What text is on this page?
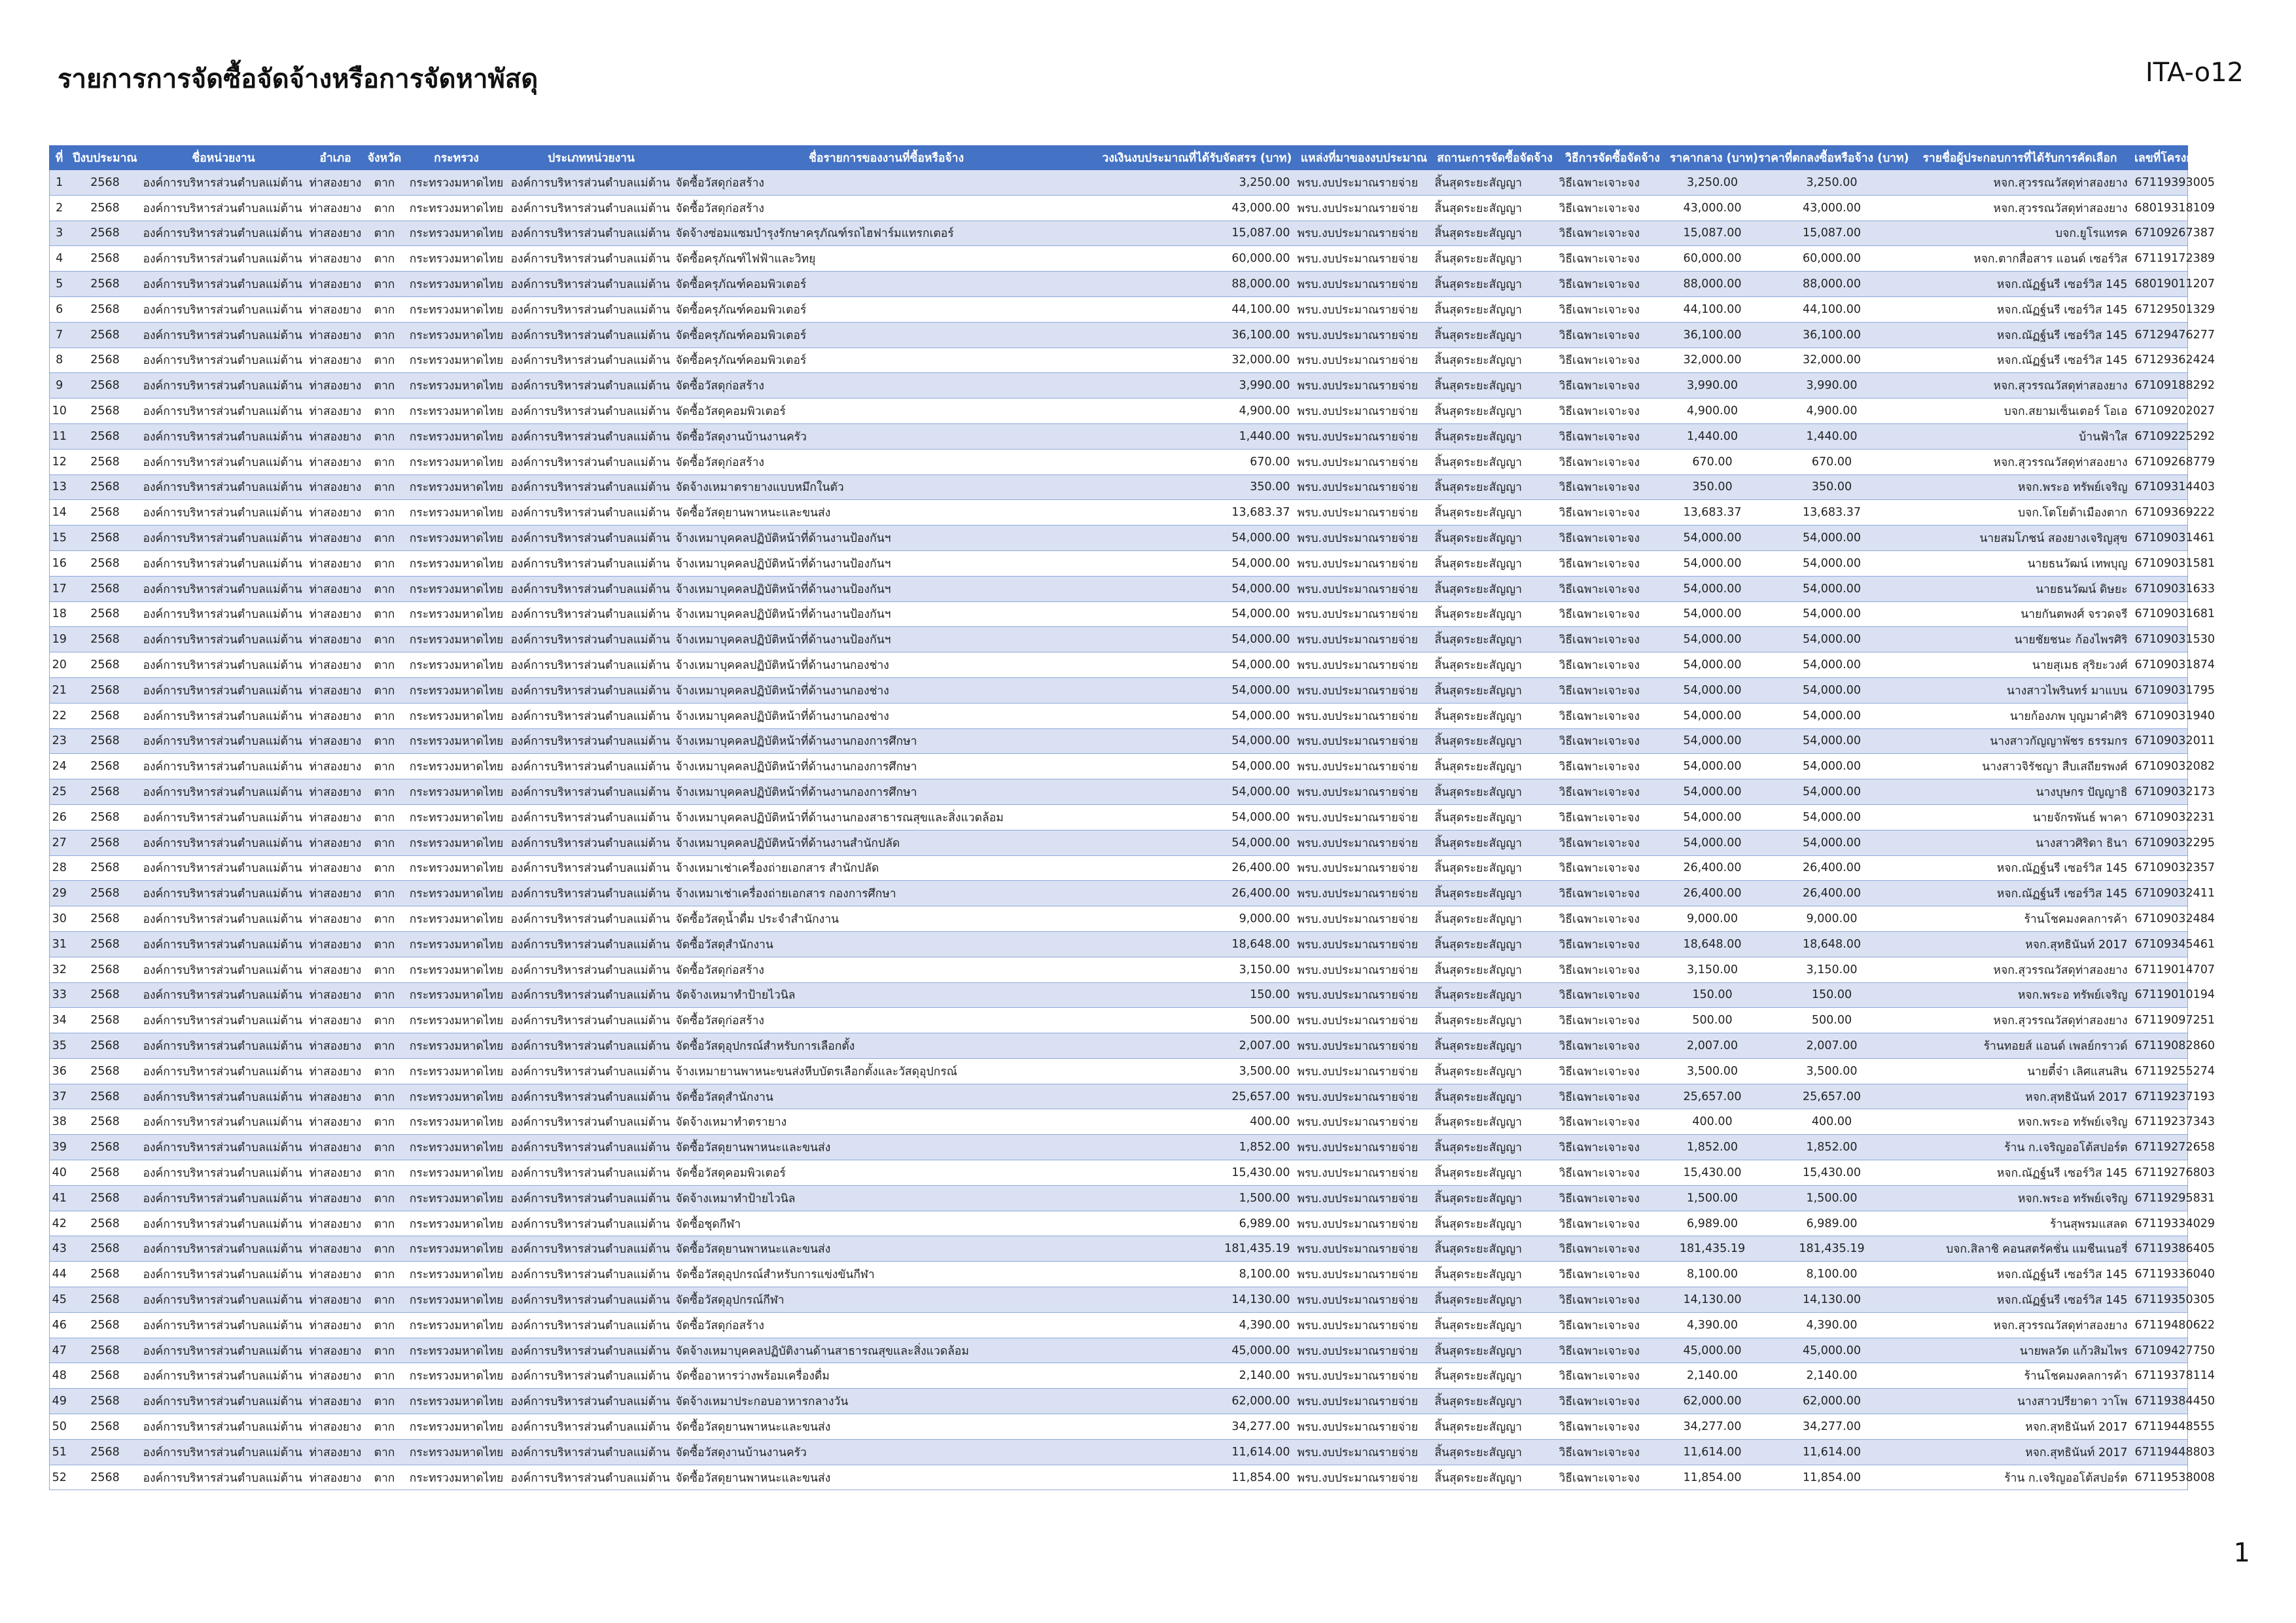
รายการการจัดซื้อจัดจ้างหรือการจัดหาพัสดุ	ITA-o12
ที่	ปีงบประมาณ	ชื่อหน่วยงาน	อำเภอ	จังหวัด	กระทรวง	ประเภทหน่วยงาน	ชื่อรายการของงานที่ซื้อหรือจ้าง	วงเงินงบประมาณที่ได้รับจัดสรร (บาท)	แหล่งที่มาของงบประมาณ	สถานะการจัดซื้อจัดจ้าง	วิธีการจัดซื้อจัดจ้าง	ราคากลาง (บาท)	ราคาที่ตกลงซื้อหรือจ้าง (บาท)	รายชื่อผู้ประกอบการที่ได้รับการคัดเลือก	เลขที่โครงการในระบบ e-GP
1	2568	องค์การบริหารส่วนตำบลแม่ต้าน	ท่าสองยาง	ตาก	กระทรวงมหาดไทย	องค์การบริหารส่วนตำบลแม่ต้าน	จัดซื้อวัสดุก่อสร้าง	3,250.00	พรบ.งบประมาณรายจ่าย	สิ้นสุดระยะสัญญา	วิธีเฉพาะเจาะจง	3,250.00	3,250.00	หจก.สุวรรณวัสดุท่าสองยาง	67119393005
2	2568	องค์การบริหารส่วนตำบลแม่ต้าน	ท่าสองยาง	ตาก	กระทรวงมหาดไทย	องค์การบริหารส่วนตำบลแม่ต้าน	จัดซื้อวัสดุก่อสร้าง	43,000.00	พรบ.งบประมาณรายจ่าย	สิ้นสุดระยะสัญญา	วิธีเฉพาะเจาะจง	43,000.00	43,000.00	หจก.สุวรรณวัสดุท่าสองยาง	68019318109
3	2568	องค์การบริหารส่วนตำบลแม่ต้าน	ท่าสองยาง	ตาก	กระทรวงมหาดไทย	องค์การบริหารส่วนตำบลแม่ต้าน	จัดจ้างซ่อมแซมบำรุงรักษาครุภัณฑ์รถไฮฟาร์มแทรกเตอร์	15,087.00	พรบ.งบประมาณรายจ่าย	สิ้นสุดระยะสัญญา	วิธีเฉพาะเจาะจง	15,087.00	15,087.00	บจก.ยูโรแทรค	67109267387
4	2568	องค์การบริหารส่วนตำบลแม่ต้าน	ท่าสองยาง	ตาก	กระทรวงมหาดไทย	องค์การบริหารส่วนตำบลแม่ต้าน	จัดซื้อครุภัณฑ์ไฟฟ้าและวิทยุ	60,000.00	พรบ.งบประมาณรายจ่าย	สิ้นสุดระยะสัญญา	วิธีเฉพาะเจาะจง	60,000.00	60,000.00	หจก.ตากสื่อสาร แอนด์ เซอร์วิส	67119172389
5	2568	องค์การบริหารส่วนตำบลแม่ต้าน	ท่าสองยาง	ตาก	กระทรวงมหาดไทย	องค์การบริหารส่วนตำบลแม่ต้าน	จัดซื้อครุภัณฑ์คอมพิวเตอร์	88,000.00	พรบ.งบประมาณรายจ่าย	สิ้นสุดระยะสัญญา	วิธีเฉพาะเจาะจง	88,000.00	88,000.00	หจก.ณัฏฐ์นรี เซอร์วิส 145	68019011207
6	2568	องค์การบริหารส่วนตำบลแม่ต้าน	ท่าสองยาง	ตาก	กระทรวงมหาดไทย	องค์การบริหารส่วนตำบลแม่ต้าน	จัดซื้อครุภัณฑ์คอมพิวเตอร์	44,100.00	พรบ.งบประมาณรายจ่าย	สิ้นสุดระยะสัญญา	วิธีเฉพาะเจาะจง	44,100.00	44,100.00	หจก.ณัฏฐ์นรี เซอร์วิส 145	67129501329
7	2568	องค์การบริหารส่วนตำบลแม่ต้าน	ท่าสองยาง	ตาก	กระทรวงมหาดไทย	องค์การบริหารส่วนตำบลแม่ต้าน	จัดซื้อครุภัณฑ์คอมพิวเตอร์	36,100.00	พรบ.งบประมาณรายจ่าย	สิ้นสุดระยะสัญญา	วิธีเฉพาะเจาะจง	36,100.00	36,100.00	หจก.ณัฏฐ์นรี เซอร์วิส 145	67129476277
8	2568	องค์การบริหารส่วนตำบลแม่ต้าน	ท่าสองยาง	ตาก	กระทรวงมหาดไทย	องค์การบริหารส่วนตำบลแม่ต้าน	จัดซื้อครุภัณฑ์คอมพิวเตอร์	32,000.00	พรบ.งบประมาณรายจ่าย	สิ้นสุดระยะสัญญา	วิธีเฉพาะเจาะจง	32,000.00	32,000.00	หจก.ณัฏฐ์นรี เซอร์วิส 145	67129362424
9	2568	องค์การบริหารส่วนตำบลแม่ต้าน	ท่าสองยาง	ตาก	กระทรวงมหาดไทย	องค์การบริหารส่วนตำบลแม่ต้าน	จัดซื้อวัสดุก่อสร้าง	3,990.00	พรบ.งบประมาณรายจ่าย	สิ้นสุดระยะสัญญา	วิธีเฉพาะเจาะจง	3,990.00	3,990.00	หจก.สุวรรณวัสดุท่าสองยาง	67109188292
10	2568	องค์การบริหารส่วนตำบลแม่ต้าน	ท่าสองยาง	ตาก	กระทรวงมหาดไทย	องค์การบริหารส่วนตำบลแม่ต้าน	จัดซื้อวัสดุคอมพิวเตอร์	4,900.00	พรบ.งบประมาณรายจ่าย	สิ้นสุดระยะสัญญา	วิธีเฉพาะเจาะจง	4,900.00	4,900.00	บจก.สยามเซ็นเตอร์ โอเอ	67109202027
11	2568	องค์การบริหารส่วนตำบลแม่ต้าน	ท่าสองยาง	ตาก	กระทรวงมหาดไทย	องค์การบริหารส่วนตำบลแม่ต้าน	จัดซื้อวัสดุงานบ้านงานครัว	1,440.00	พรบ.งบประมาณรายจ่าย	สิ้นสุดระยะสัญญา	วิธีเฉพาะเจาะจง	1,440.00	1,440.00	บ้านฟ้าใส	67109225292
12	2568	องค์การบริหารส่วนตำบลแม่ต้าน	ท่าสองยาง	ตาก	กระทรวงมหาดไทย	องค์การบริหารส่วนตำบลแม่ต้าน	จัดซื้อวัสดุก่อสร้าง	670.00	พรบ.งบประมาณรายจ่าย	สิ้นสุดระยะสัญญา	วิธีเฉพาะเจาะจง	670.00	670.00	หจก.สุวรรณวัสดุท่าสองยาง	67109268779
13	2568	องค์การบริหารส่วนตำบลแม่ต้าน	ท่าสองยาง	ตาก	กระทรวงมหาดไทย	องค์การบริหารส่วนตำบลแม่ต้าน	จัดจ้างเหมาตรายางแบบหมึกในตัว	350.00	พรบ.งบประมาณรายจ่าย	สิ้นสุดระยะสัญญา	วิธีเฉพาะเจาะจง	350.00	350.00	หจก.พระอ ทรัพย์เจริญ	67109314403
14	2568	องค์การบริหารส่วนตำบลแม่ต้าน	ท่าสองยาง	ตาก	กระทรวงมหาดไทย	องค์การบริหารส่วนตำบลแม่ต้าน	จัดซื้อวัสดุยานพาหนะและขนส่ง	13,683.37	พรบ.งบประมาณรายจ่าย	สิ้นสุดระยะสัญญา	วิธีเฉพาะเจาะจง	13,683.37	13,683.37	บจก.โตโยต้าเมืองตาก	67109369222
15	2568	องค์การบริหารส่วนตำบลแม่ต้าน	ท่าสองยาง	ตาก	กระทรวงมหาดไทย	องค์การบริหารส่วนตำบลแม่ต้าน	จ้างเหมาบุคคลปฏิบัติหน้าที่ด้านงานป้องกันฯ	54,000.00	พรบ.งบประมาณรายจ่าย	สิ้นสุดระยะสัญญา	วิธีเฉพาะเจาะจง	54,000.00	54,000.00	นายสมโภชน์ สองยางเจริญสุข	67109031461
16	2568	องค์การบริหารส่วนตำบลแม่ต้าน	ท่าสองยาง	ตาก	กระทรวงมหาดไทย	องค์การบริหารส่วนตำบลแม่ต้าน	จ้างเหมาบุคคลปฏิบัติหน้าที่ด้านงานป้องกันฯ	54,000.00	พรบ.งบประมาณรายจ่าย	สิ้นสุดระยะสัญญา	วิธีเฉพาะเจาะจง	54,000.00	54,000.00	นายธนวัฒน์ เทพบุญ	67109031581
17	2568	องค์การบริหารส่วนตำบลแม่ต้าน	ท่าสองยาง	ตาก	กระทรวงมหาดไทย	องค์การบริหารส่วนตำบลแม่ต้าน	จ้างเหมาบุคคลปฏิบัติหน้าที่ด้านงานป้องกันฯ	54,000.00	พรบ.งบประมาณรายจ่าย	สิ้นสุดระยะสัญญา	วิธีเฉพาะเจาะจง	54,000.00	54,000.00	นายธนวัฒน์ ดิษยะ	67109031633
18	2568	องค์การบริหารส่วนตำบลแม่ต้าน	ท่าสองยาง	ตาก	กระทรวงมหาดไทย	องค์การบริหารส่วนตำบลแม่ต้าน	จ้างเหมาบุคคลปฏิบัติหน้าที่ด้านงานป้องกันฯ	54,000.00	พรบ.งบประมาณรายจ่าย	สิ้นสุดระยะสัญญา	วิธีเฉพาะเจาะจง	54,000.00	54,000.00	นายกันตพงศ์ จรวดจรี	67109031681
19	2568	องค์การบริหารส่วนตำบลแม่ต้าน	ท่าสองยาง	ตาก	กระทรวงมหาดไทย	องค์การบริหารส่วนตำบลแม่ต้าน	จ้างเหมาบุคคลปฏิบัติหน้าที่ด้านงานป้องกันฯ	54,000.00	พรบ.งบประมาณรายจ่าย	สิ้นสุดระยะสัญญา	วิธีเฉพาะเจาะจง	54,000.00	54,000.00	นายชัยชนะ ก้องไพรศิริ	67109031530
20	2568	องค์การบริหารส่วนตำบลแม่ต้าน	ท่าสองยาง	ตาก	กระทรวงมหาดไทย	องค์การบริหารส่วนตำบลแม่ต้าน	จ้างเหมาบุคคลปฏิบัติหน้าที่ด้านงานกองช่าง	54,000.00	พรบ.งบประมาณรายจ่าย	สิ้นสุดระยะสัญญา	วิธีเฉพาะเจาะจง	54,000.00	54,000.00	นายสุเมธ สุริยะวงศ์	67109031874
21	2568	องค์การบริหารส่วนตำบลแม่ต้าน	ท่าสองยาง	ตาก	กระทรวงมหาดไทย	องค์การบริหารส่วนตำบลแม่ต้าน	จ้างเหมาบุคคลปฏิบัติหน้าที่ด้านงานกองช่าง	54,000.00	พรบ.งบประมาณรายจ่าย	สิ้นสุดระยะสัญญา	วิธีเฉพาะเจาะจง	54,000.00	54,000.00	นางสาวไพรินทร์ มาแบน	67109031795
22	2568	องค์การบริหารส่วนตำบลแม่ต้าน	ท่าสองยาง	ตาก	กระทรวงมหาดไทย	องค์การบริหารส่วนตำบลแม่ต้าน	จ้างเหมาบุคคลปฏิบัติหน้าที่ด้านงานกองช่าง	54,000.00	พรบ.งบประมาณรายจ่าย	สิ้นสุดระยะสัญญา	วิธีเฉพาะเจาะจง	54,000.00	54,000.00	นายก้องภพ บุญมาคำศิริ	67109031940
23	2568	องค์การบริหารส่วนตำบลแม่ต้าน	ท่าสองยาง	ตาก	กระทรวงมหาดไทย	องค์การบริหารส่วนตำบลแม่ต้าน	จ้างเหมาบุคคลปฏิบัติหน้าที่ด้านงานกองการศึกษา	54,000.00	พรบ.งบประมาณรายจ่าย	สิ้นสุดระยะสัญญา	วิธีเฉพาะเจาะจง	54,000.00	54,000.00	นางสาวกัญญาพัชร ธรรมกร	67109032011
24	2568	องค์การบริหารส่วนตำบลแม่ต้าน	ท่าสองยาง	ตาก	กระทรวงมหาดไทย	องค์การบริหารส่วนตำบลแม่ต้าน	จ้างเหมาบุคคลปฏิบัติหน้าที่ด้านงานกองการศึกษา	54,000.00	พรบ.งบประมาณรายจ่าย	สิ้นสุดระยะสัญญา	วิธีเฉพาะเจาะจง	54,000.00	54,000.00	นางสาวจิรัชญา สืบเสถียรพงศ์	67109032082
25	2568	องค์การบริหารส่วนตำบลแม่ต้าน	ท่าสองยาง	ตาก	กระทรวงมหาดไทย	องค์การบริหารส่วนตำบลแม่ต้าน	จ้างเหมาบุคคลปฏิบัติหน้าที่ด้านงานกองการศึกษา	54,000.00	พรบ.งบประมาณรายจ่าย	สิ้นสุดระยะสัญญา	วิธีเฉพาะเจาะจง	54,000.00	54,000.00	นางบุษกร ปัญญาธิ	67109032173
26	2568	องค์การบริหารส่วนตำบลแม่ต้าน	ท่าสองยาง	ตาก	กระทรวงมหาดไทย	องค์การบริหารส่วนตำบลแม่ต้าน	จ้างเหมาบุคคลปฏิบัติหน้าที่ด้านงานกองสาธารณสุขและสิ่งแวดล้อม	54,000.00	พรบ.งบประมาณรายจ่าย	สิ้นสุดระยะสัญญา	วิธีเฉพาะเจาะจง	54,000.00	54,000.00	นายจักรพันธ์ พาคา	67109032231
27	2568	องค์การบริหารส่วนตำบลแม่ต้าน	ท่าสองยาง	ตาก	กระทรวงมหาดไทย	องค์การบริหารส่วนตำบลแม่ต้าน	จ้างเหมาบุคคลปฏิบัติหน้าที่ด้านงานสำนักปลัด	54,000.00	พรบ.งบประมาณรายจ่าย	สิ้นสุดระยะสัญญา	วิธีเฉพาะเจาะจง	54,000.00	54,000.00	นางสาวศิริดา ธินา	67109032295
28	2568	องค์การบริหารส่วนตำบลแม่ต้าน	ท่าสองยาง	ตาก	กระทรวงมหาดไทย	องค์การบริหารส่วนตำบลแม่ต้าน	จ้างเหมาเช่าเครื่องถ่ายเอกสาร สำนักปลัด	26,400.00	พรบ.งบประมาณรายจ่าย	สิ้นสุดระยะสัญญา	วิธีเฉพาะเจาะจง	26,400.00	26,400.00	หจก.ณัฏฐ์นรี เซอร์วิส 145	67109032357
29	2568	องค์การบริหารส่วนตำบลแม่ต้าน	ท่าสองยาง	ตาก	กระทรวงมหาดไทย	องค์การบริหารส่วนตำบลแม่ต้าน	จ้างเหมาเช่าเครื่องถ่ายเอกสาร กองการศึกษา	26,400.00	พรบ.งบประมาณรายจ่าย	สิ้นสุดระยะสัญญา	วิธีเฉพาะเจาะจง	26,400.00	26,400.00	หจก.ณัฏฐ์นรี เซอร์วิส 145	67109032411
30	2568	องค์การบริหารส่วนตำบลแม่ต้าน	ท่าสองยาง	ตาก	กระทรวงมหาดไทย	องค์การบริหารส่วนตำบลแม่ต้าน	จัดซื้อวัสดุน้ำดื่ม ประจำสำนักงาน	9,000.00	พรบ.งบประมาณรายจ่าย	สิ้นสุดระยะสัญญา	วิธีเฉพาะเจาะจง	9,000.00	9,000.00	ร้านโชคมงคลการค้า	67109032484
31	2568	องค์การบริหารส่วนตำบลแม่ต้าน	ท่าสองยาง	ตาก	กระทรวงมหาดไทย	องค์การบริหารส่วนตำบลแม่ต้าน	จัดซื้อวัสดุสำนักงาน	18,648.00	พรบ.งบประมาณรายจ่าย	สิ้นสุดระยะสัญญา	วิธีเฉพาะเจาะจง	18,648.00	18,648.00	หจก.สุทธินันท์ 2017	67109345461
32	2568	องค์การบริหารส่วนตำบลแม่ต้าน	ท่าสองยาง	ตาก	กระทรวงมหาดไทย	องค์การบริหารส่วนตำบลแม่ต้าน	จัดซื้อวัสดุก่อสร้าง	3,150.00	พรบ.งบประมาณรายจ่าย	สิ้นสุดระยะสัญญา	วิธีเฉพาะเจาะจง	3,150.00	3,150.00	หจก.สุวรรณวัสดุท่าสองยาง	67119014707
33	2568	องค์การบริหารส่วนตำบลแม่ต้าน	ท่าสองยาง	ตาก	กระทรวงมหาดไทย	องค์การบริหารส่วนตำบลแม่ต้าน	จัดจ้างเหมาทำป้ายไวนิล	150.00	พรบ.งบประมาณรายจ่าย	สิ้นสุดระยะสัญญา	วิธีเฉพาะเจาะจง	150.00	150.00	หจก.พระอ ทรัพย์เจริญ	67119010194
34	2568	องค์การบริหารส่วนตำบลแม่ต้าน	ท่าสองยาง	ตาก	กระทรวงมหาดไทย	องค์การบริหารส่วนตำบลแม่ต้าน	จัดซื้อวัสดุก่อสร้าง	500.00	พรบ.งบประมาณรายจ่าย	สิ้นสุดระยะสัญญา	วิธีเฉพาะเจาะจง	500.00	500.00	หจก.สุวรรณวัสดุท่าสองยาง	67119097251
35	2568	องค์การบริหารส่วนตำบลแม่ต้าน	ท่าสองยาง	ตาก	กระทรวงมหาดไทย	องค์การบริหารส่วนตำบลแม่ต้าน	จัดซื้อวัสดุอุปกรณ์สำหรับการเลือกตั้ง	2,007.00	พรบ.งบประมาณรายจ่าย	สิ้นสุดระยะสัญญา	วิธีเฉพาะเจาะจง	2,007.00	2,007.00	ร้านทอยส์ แอนด์ เพลย์กราวด์	67119082860
36	2568	องค์การบริหารส่วนตำบลแม่ต้าน	ท่าสองยาง	ตาก	กระทรวงมหาดไทย	องค์การบริหารส่วนตำบลแม่ต้าน	จ้างเหมายานพาหนะขนส่งหีบบัตรเลือกตั้งและวัสดุอุปกรณ์	3,500.00	พรบ.งบประมาณรายจ่าย	สิ้นสุดระยะสัญญา	วิธีเฉพาะเจาะจง	3,500.00	3,500.00	นายตี๋จ๋า เลิศแสนสิน	67119255274
37	2568	องค์การบริหารส่วนตำบลแม่ต้าน	ท่าสองยาง	ตาก	กระทรวงมหาดไทย	องค์การบริหารส่วนตำบลแม่ต้าน	จัดซื้อวัสดุสำนักงาน	25,657.00	พรบ.งบประมาณรายจ่าย	สิ้นสุดระยะสัญญา	วิธีเฉพาะเจาะจง	25,657.00	25,657.00	หจก.สุทธินันท์ 2017	67119237193
38	2568	องค์การบริหารส่วนตำบลแม่ต้าน	ท่าสองยาง	ตาก	กระทรวงมหาดไทย	องค์การบริหารส่วนตำบลแม่ต้าน	จัดจ้างเหมาทำตรายาง	400.00	พรบ.งบประมาณรายจ่าย	สิ้นสุดระยะสัญญา	วิธีเฉพาะเจาะจง	400.00	400.00	หจก.พระอ ทรัพย์เจริญ	67119237343
39	2568	องค์การบริหารส่วนตำบลแม่ต้าน	ท่าสองยาง	ตาก	กระทรวงมหาดไทย	องค์การบริหารส่วนตำบลแม่ต้าน	จัดซื้อวัสดุยานพาหนะและขนส่ง	1,852.00	พรบ.งบประมาณรายจ่าย	สิ้นสุดระยะสัญญา	วิธีเฉพาะเจาะจง	1,852.00	1,852.00	ร้าน ก.เจริญออโต้สปอร์ต	67119272658
40	2568	องค์การบริหารส่วนตำบลแม่ต้าน	ท่าสองยาง	ตาก	กระทรวงมหาดไทย	องค์การบริหารส่วนตำบลแม่ต้าน	จัดซื้อวัสดุคอมพิวเตอร์	15,430.00	พรบ.งบประมาณรายจ่าย	สิ้นสุดระยะสัญญา	วิธีเฉพาะเจาะจง	15,430.00	15,430.00	หจก.ณัฏฐ์นรี เซอร์วิส 145	67119276803
41	2568	องค์การบริหารส่วนตำบลแม่ต้าน	ท่าสองยาง	ตาก	กระทรวงมหาดไทย	องค์การบริหารส่วนตำบลแม่ต้าน	จัดจ้างเหมาทำป้ายไวนิล	1,500.00	พรบ.งบประมาณรายจ่าย	สิ้นสุดระยะสัญญา	วิธีเฉพาะเจาะจง	1,500.00	1,500.00	หจก.พระอ ทรัพย์เจริญ	67119295831
42	2568	องค์การบริหารส่วนตำบลแม่ต้าน	ท่าสองยาง	ตาก	กระทรวงมหาดไทย	องค์การบริหารส่วนตำบลแม่ต้าน	จัดซื้อชุดกีฬา	6,989.00	พรบ.งบประมาณรายจ่าย	สิ้นสุดระยะสัญญา	วิธีเฉพาะเจาะจง	6,989.00	6,989.00	ร้านสุพรมแสลด	67119334029
43	2568	องค์การบริหารส่วนตำบลแม่ต้าน	ท่าสองยาง	ตาก	กระทรวงมหาดไทย	องค์การบริหารส่วนตำบลแม่ต้าน	จัดซื้อวัสดุยานพาหนะและขนส่ง	181,435.19	พรบ.งบประมาณรายจ่าย	สิ้นสุดระยะสัญญา	วิธีเฉพาะเจาะจง	181,435.19	181,435.19	บจก.สิลาชิ คอนสตรัคชั่น แมชีนเนอรี่	67119386405
44	2568	องค์การบริหารส่วนตำบลแม่ต้าน	ท่าสองยาง	ตาก	กระทรวงมหาดไทย	องค์การบริหารส่วนตำบลแม่ต้าน	จัดซื้อวัสดุอุปกรณ์สำหรับการแข่งขันกีฬา	8,100.00	พรบ.งบประมาณรายจ่าย	สิ้นสุดระยะสัญญา	วิธีเฉพาะเจาะจง	8,100.00	8,100.00	หจก.ณัฏฐ์นรี เซอร์วิส 145	67119336040
45	2568	องค์การบริหารส่วนตำบลแม่ต้าน	ท่าสองยาง	ตาก	กระทรวงมหาดไทย	องค์การบริหารส่วนตำบลแม่ต้าน	จัดซื้อวัสดุอุปกรณ์กีฬา	14,130.00	พรบ.งบประมาณรายจ่าย	สิ้นสุดระยะสัญญา	วิธีเฉพาะเจาะจง	14,130.00	14,130.00	หจก.ณัฏฐ์นรี เซอร์วิส 145	67119350305
46	2568	องค์การบริหารส่วนตำบลแม่ต้าน	ท่าสองยาง	ตาก	กระทรวงมหาดไทย	องค์การบริหารส่วนตำบลแม่ต้าน	จัดซื้อวัสดุก่อสร้าง	4,390.00	พรบ.งบประมาณรายจ่าย	สิ้นสุดระยะสัญญา	วิธีเฉพาะเจาะจง	4,390.00	4,390.00	หจก.สุวรรณวัสดุท่าสองยาง	67119480622
47	2568	องค์การบริหารส่วนตำบลแม่ต้าน	ท่าสองยาง	ตาก	กระทรวงมหาดไทย	องค์การบริหารส่วนตำบลแม่ต้าน	จัดจ้างเหมาบุคคลปฏิบัติงานด้านสาธารณสุขและสิ่งแวดล้อม	45,000.00	พรบ.งบประมาณรายจ่าย	สิ้นสุดระยะสัญญา	วิธีเฉพาะเจาะจง	45,000.00	45,000.00	นายพลวัต แก้วสิมไพร	67109427750
48	2568	องค์การบริหารส่วนตำบลแม่ต้าน	ท่าสองยาง	ตาก	กระทรวงมหาดไทย	องค์การบริหารส่วนตำบลแม่ต้าน	จัดซื้ออาหารว่างพร้อมเครื่องดื่ม	2,140.00	พรบ.งบประมาณรายจ่าย	สิ้นสุดระยะสัญญา	วิธีเฉพาะเจาะจง	2,140.00	2,140.00	ร้านโชคมงคลการค้า	67119378114
49	2568	องค์การบริหารส่วนตำบลแม่ต้าน	ท่าสองยาง	ตาก	กระทรวงมหาดไทย	องค์การบริหารส่วนตำบลแม่ต้าน	จัดจ้างเหมาประกอบอาหารกลางวัน	62,000.00	พรบ.งบประมาณรายจ่าย	สิ้นสุดระยะสัญญา	วิธีเฉพาะเจาะจง	62,000.00	62,000.00	นางสาวปรียาดา วาโพ	67119384450
50	2568	องค์การบริหารส่วนตำบลแม่ต้าน	ท่าสองยาง	ตาก	กระทรวงมหาดไทย	องค์การบริหารส่วนตำบลแม่ต้าน	จัดซื้อวัสดุยานพาหนะและขนส่ง	34,277.00	พรบ.งบประมาณรายจ่าย	สิ้นสุดระยะสัญญา	วิธีเฉพาะเจาะจง	34,277.00	34,277.00	หจก.สุทธินันท์ 2017	67119448555
51	2568	องค์การบริหารส่วนตำบลแม่ต้าน	ท่าสองยาง	ตาก	กระทรวงมหาดไทย	องค์การบริหารส่วนตำบลแม่ต้าน	จัดซื้อวัสดุงานบ้านงานครัว	11,614.00	พรบ.งบประมาณรายจ่าย	สิ้นสุดระยะสัญญา	วิธีเฉพาะเจาะจง	11,614.00	11,614.00	หจก.สุทธินันท์ 2017	67119448803
52	2568	องค์การบริหารส่วนตำบลแม่ต้าน	ท่าสองยาง	ตาก	กระทรวงมหาดไทย	องค์การบริหารส่วนตำบลแม่ต้าน	จัดซื้อวัสดุยานพาหนะและขนส่ง	11,854.00	พรบ.งบประมาณรายจ่าย	สิ้นสุดระยะสัญญา	วิธีเฉพาะเจาะจง	11,854.00	11,854.00	ร้าน ก.เจริญออโต้สปอร์ต	67119538008
1
